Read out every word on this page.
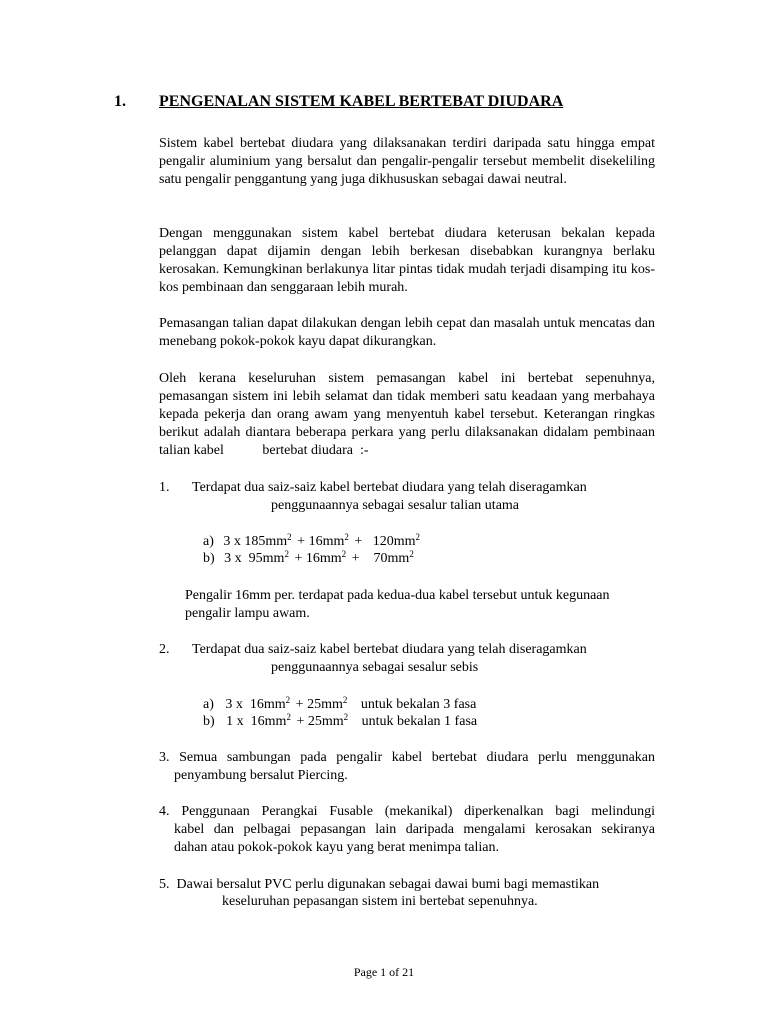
1. PENGENALAN SISTEM KABEL BERTEBAT DIUDARA

Sistem kabel bertebat diudara yang dilaksanakan terdiri daripada satu hingga empat pengalir aluminium yang bersalut dan pengalir-pengalir tersebut membelit disekeliling satu pengalir penggantung yang juga dikhususkan sebagai dawai neutral.

Dengan menggunakan sistem kabel bertebat diudara keterusan bekalan kepada pelanggan dapat dijamin dengan lebih berkesan disebabkan kurangnya berlaku kerosakan. Kemungkinan berlakunya litar pintas tidak mudah terjadi disamping itu kos-kos pembinaan dan senggaraan lebih murah.

Pemasangan talian dapat dilakukan dengan lebih cepat dan masalah untuk mencatas dan menebang pokok-pokok kayu dapat dikurangkan.

Oleh kerana keseluruhan sistem pemasangan kabel ini bertebat sepenuhnya, pemasangan sistem ini lebih selamat dan tidak memberi satu keadaan yang merbahaya kepada pekerja dan orang awam yang menyentuh kabel tersebut. Keterangan ringkas berikut adalah diantara beberapa perkara yang perlu dilaksanakan didalam pembinaan talian kabel           bertebat diudara  :-

1. Terdapat dua saiz-saiz kabel bertebat diudara yang telah diseragamkan
penggunaannya sebagai sesalur talian utama
a) 3 x $185mm^2 + 16mm^2 + 120mm^2$
b) 3 x  $95mm^2 + 16mm^2$ +    $70mm^2$
Pengalir 16mm per. terdapat pada kedua-dua kabel tersebut untuk kegunaan
pengalir lampu awam.
2. Terdapat dua saiz-saiz kabel bertebat diudara yang telah diseragamkan
penggunaannya sebagai sesalur sebis
a) 3 x  $16mm^2 + 25mm^2$ untuk bekalan 3 fasa
b) 1 x  $16mm^2 + 25mm^2$ untuk bekalan 1 fasa
3. Semua sambungan pada pengalir kabel bertebat diudara perlu menggunakan
penyambung bersalut Piercing.
4. Penggunaan Perangkai Fusable (mekanikal) diperkenalkan bagi melindungi
kabel dan pelbagai pepasangan lain daripada mengalami kerosakan sekiranya
dahan atau pokok-pokok kayu yang berat menimpa talian.
5.  Dawai bersalut PVC perlu digunakan sebagai dawai bumi bagi memastikan
keseluruhan pepasangan sistem ini bertebat sepenuhnya.
Page 1 of 21
